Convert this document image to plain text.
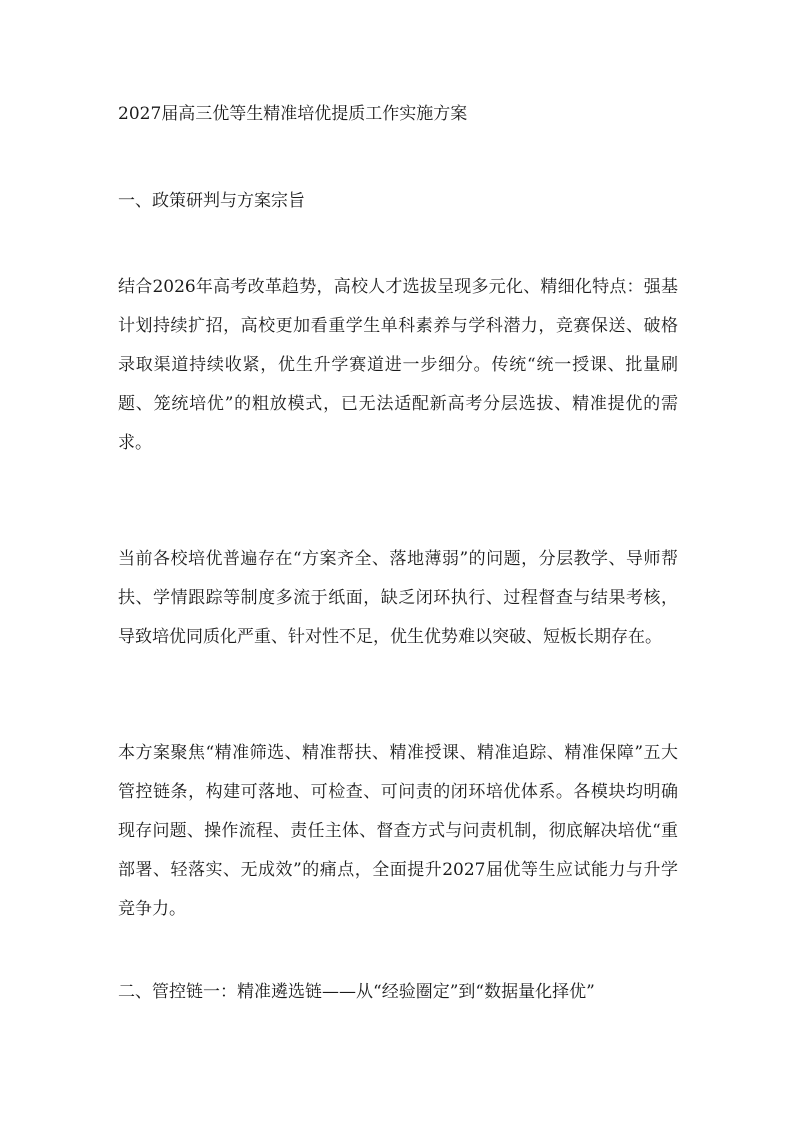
2027届高三优等生精准培优提质工作实施方案
一、政策研判与方案宗旨
结合2026年高考改革趋势，高校人才选拔呈现多元化、精细化特点：强基计划持续扩招，高校更加看重学生单科素养与学科潜力，竞赛保送、破格录取渠道持续收紧，优生升学赛道进一步细分。传统“统一授课、批量刷题、笼统培优”的粗放模式，已无法适配新高考分层选拔、精准提优的需求。
当前各校培优普遍存在“方案齐全、落地薄弱”的问题，分层教学、导师帮扶、学情跟踪等制度多流于纸面，缺乏闭环执行、过程督查与结果考核，导致培优同质化严重、针对性不足，优生优势难以突破、短板长期存在。
本方案聚焦“精准筛选、精准帮扶、精准授课、精准追踪、精准保障”五大管控链条，构建可落地、可检查、可问责的闭环培优体系。各模块均明确现存问题、操作流程、责任主体、督查方式与问责机制，彻底解决培优“重部署、轻落实、无成效”的痛点，全面提升2027届优等生应试能力与升学竞争力。
二、管控链一：精准遴选链——从“经验圈定”到“数据量化择优”
